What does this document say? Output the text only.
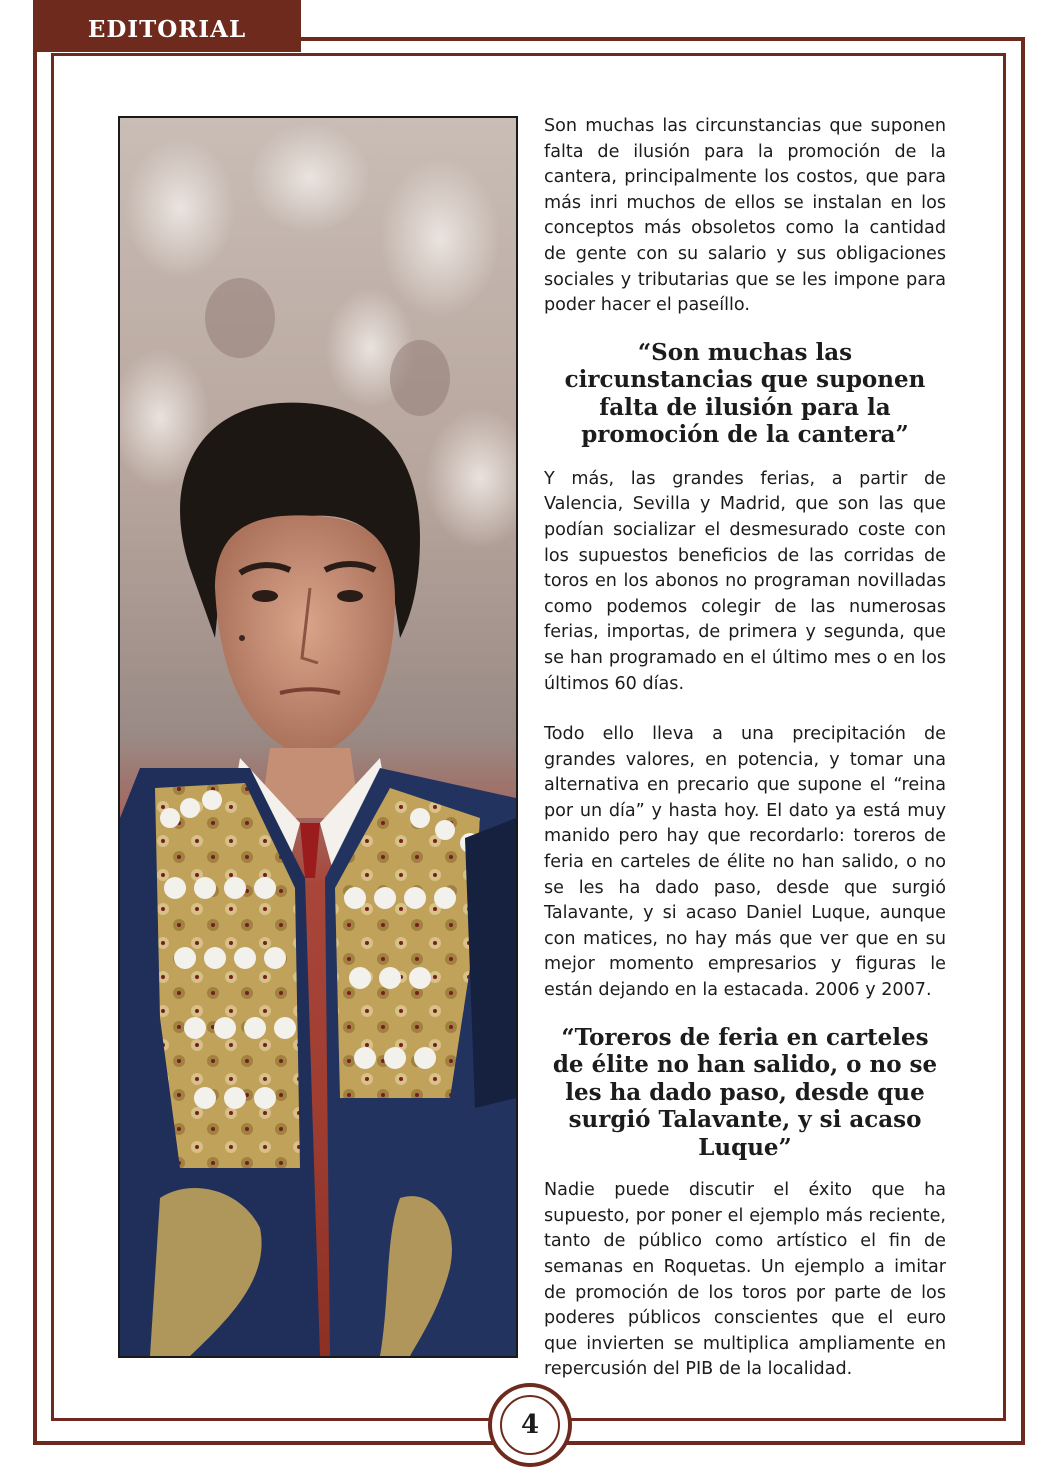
EDITORIAL

Son muchas las circunstancias que suponen falta de ilusión para la promoción de la cantera, principalmente los costos, que para más inri muchos de ellos se instalan en los conceptos más obsoletos como la cantidad de gente con su salario y sus obligaciones sociales y tributarias que se les impone para poder hacer el paseíllo.

“Son muchas las circunstancias que suponen falta de ilusión para la promoción de la cantera”

Y más, las grandes ferias, a partir de Valencia, Sevilla y Madrid, que son las que podían socializar el desmesurado coste con los supuestos beneficios de las corridas de toros en los abonos no programan novilladas como podemos colegir de las numerosas ferias, importas, de primera y segunda, que se han programado en el último mes o en los últimos 60 días.

Todo ello lleva a una precipitación de grandes valores, en potencia, y tomar una alternativa en precario que supone el “reina por un día” y hasta hoy. El dato ya está muy manido pero hay que recordarlo: toreros de feria en carteles de élite no han salido, o no se les ha dado paso, desde que surgió Talavante, y si acaso Daniel Luque, aunque con matices, no hay más que ver que en su mejor momento empresarios y figuras le están dejando en la estacada. 2006 y 2007.

“Toreros de feria en carteles de élite no han salido, o no se les ha dado paso, desde que surgió Talavante, y si acaso Luque”

Nadie puede discutir el éxito que ha supuesto, por poner el ejemplo más reciente, tanto de público como artístico el fin de semanas en Roquetas. Un ejemplo a imitar de promoción de los toros por parte de los poderes públicos conscientes que el euro que invierten se multiplica ampliamente en repercusión del PIB de la localidad.

4
